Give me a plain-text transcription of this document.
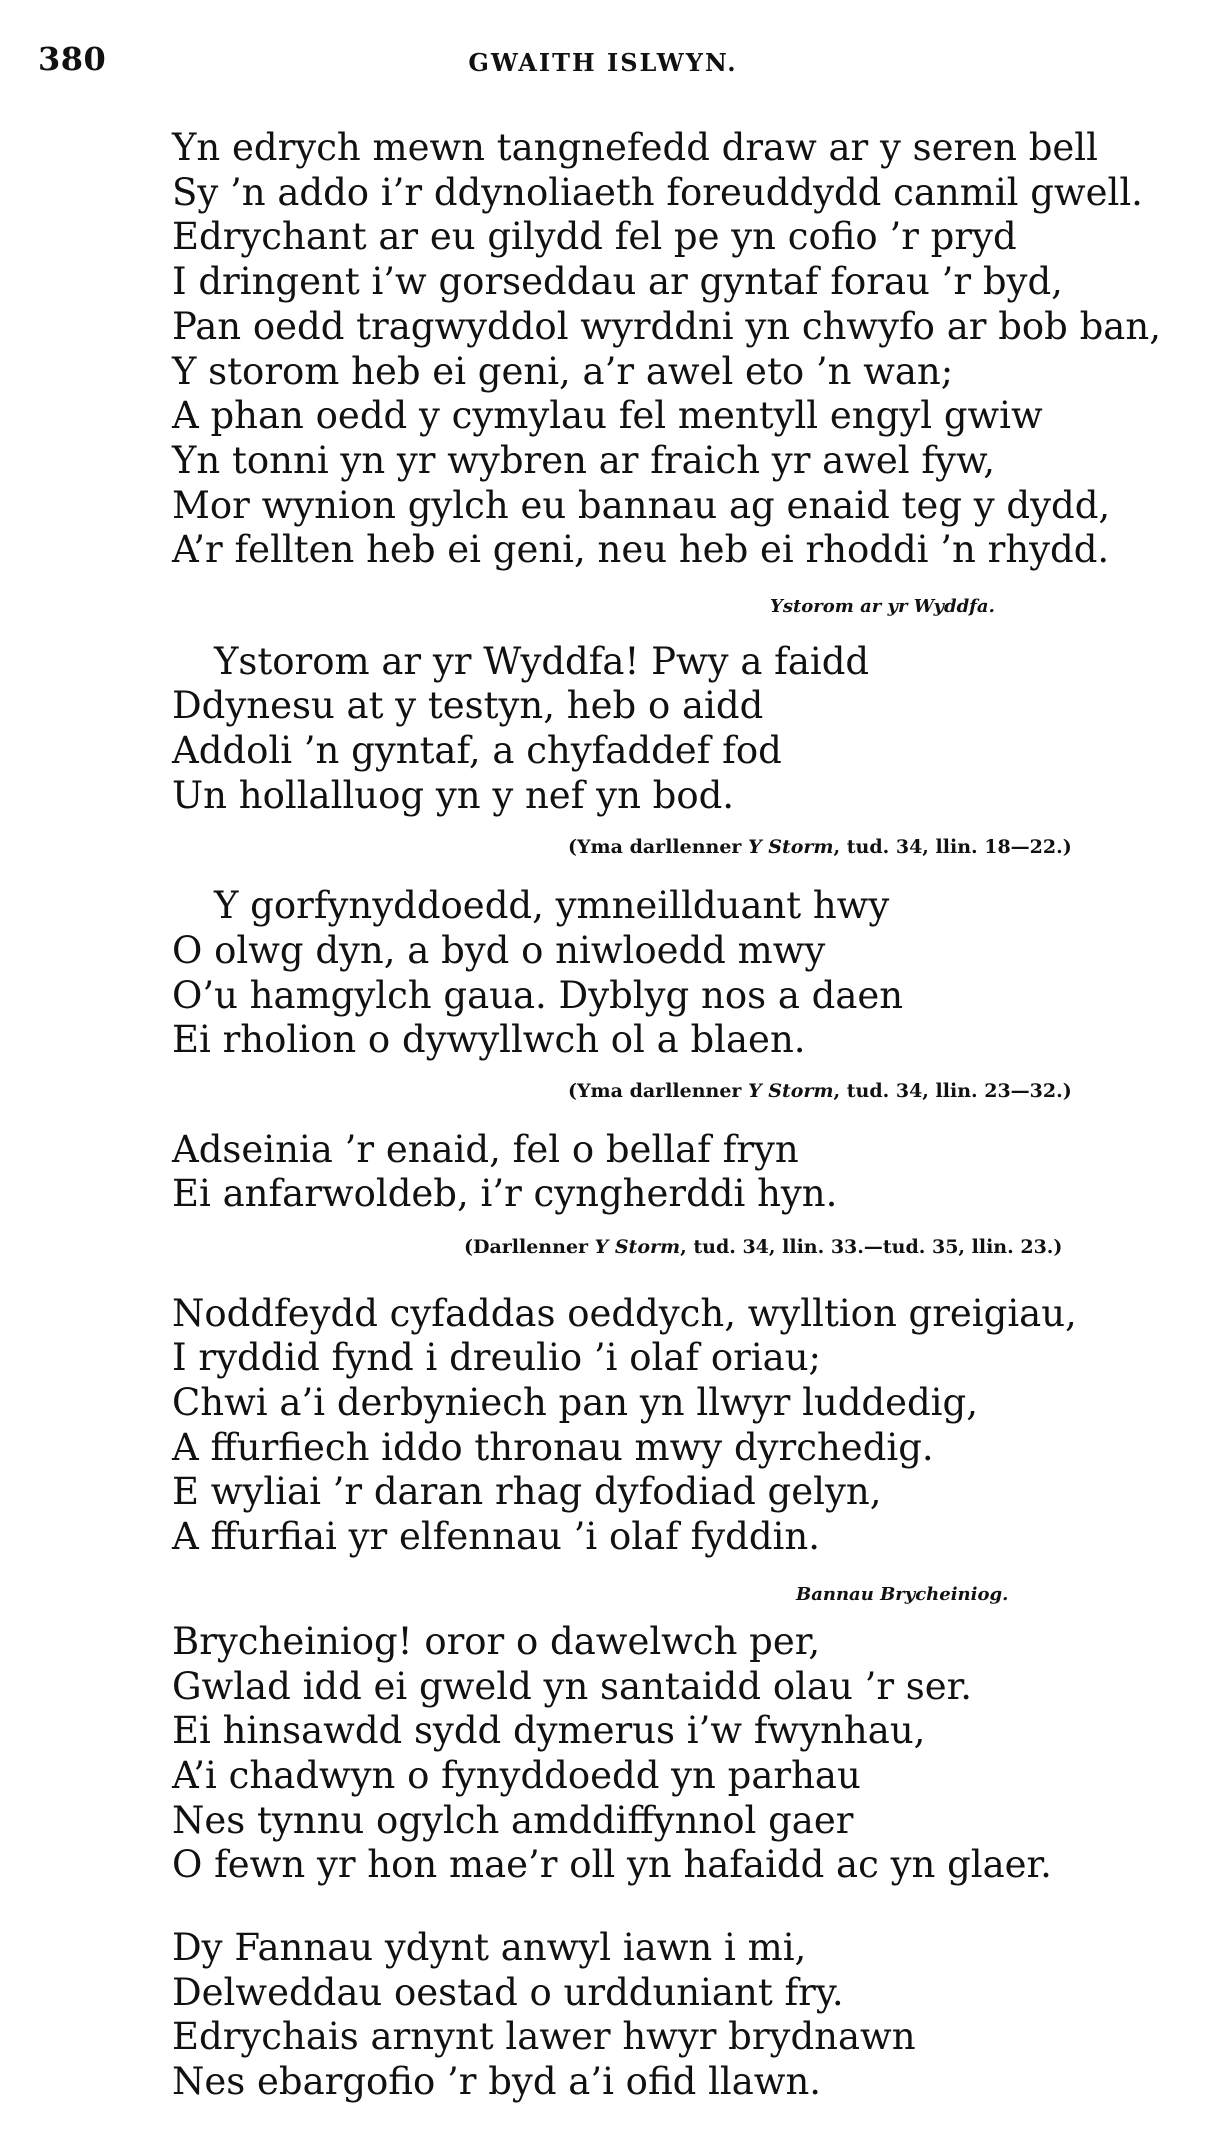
380	GWAITH ISLWYN.
Yn edrych mewn tangnefedd draw ar y seren bell
Sy ’n addo i’r ddynoliaeth foreuddydd canmil gwell.
Edrychant ar eu gilydd fel pe yn cofio ’r pryd
I dringent i’w gorseddau ar gyntaf forau ’r byd,
Pan oedd tragwyddol wyrddni yn chwyfo ar bob ban,
Y storom heb ei geni, a’r awel eto ’n wan;
A phan oedd y cymylau fel mentyll engyl gwiw
Yn tonni yn yr wybren ar fraich yr awel fyw,
Mor wynion gylch eu bannau ag enaid teg y dydd,
A’r fellten heb ei geni, neu heb ei rhoddi ’n rhydd.
Ystorom ar yr Wyddfa.
Ystorom ar yr Wyddfa! Pwy a faidd
Ddynesu at y testyn, heb o aidd
Addoli ’n gyntaf, a chyfaddef fod
Un hollalluog yn y nef yn bod.
(Yma darllenner Y Storm, tud. 34, llin. 18—22.)
Y gorfynyddoedd, ymneillduant hwy
O olwg dyn, a byd o niwloedd mwy
O’u hamgylch gaua. Dyblyg nos a daen
Ei rholion o dywyllwch ol a blaen.
(Yma darllenner Y Storm, tud. 34, llin. 23—32.)
Adseinia ’r enaid, fel o bellaf fryn
Ei anfarwoldeb, i’r cyngherddi hyn.
(Darllenner Y Storm, tud. 34, llin. 33.—tud. 35, llin. 23.)
Noddfeydd cyfaddas oeddych, wylltion greigiau,
I ryddid fynd i dreulio ’i olaf oriau;
Chwi a’i derbyniech pan yn llwyr luddedig,
A ffurfiech iddo thronau mwy dyrchedig.
E wyliai ’r daran rhag dyfodiad gelyn,
A ffurfiai yr elfennau ’i olaf fyddin.
Bannau Brycheiniog.
Brycheiniog! oror o dawelwch per,
Gwlad idd ei gweld yn santaidd olau ’r ser.
Ei hinsawdd sydd dymerus i’w fwynhau,
A’i chadwyn o fynyddoedd yn parhau
Nes tynnu ogylch amddiffynnol gaer
O fewn yr hon mae’r oll yn hafaidd ac yn glaer.
Dy Fannau ydynt anwyl iawn i mi,
Delweddau oestad o urdduniant fry.
Edrychais arnynt lawer hwyr brydnawn
Nes ebargofio ’r byd a’i ofid llawn.
